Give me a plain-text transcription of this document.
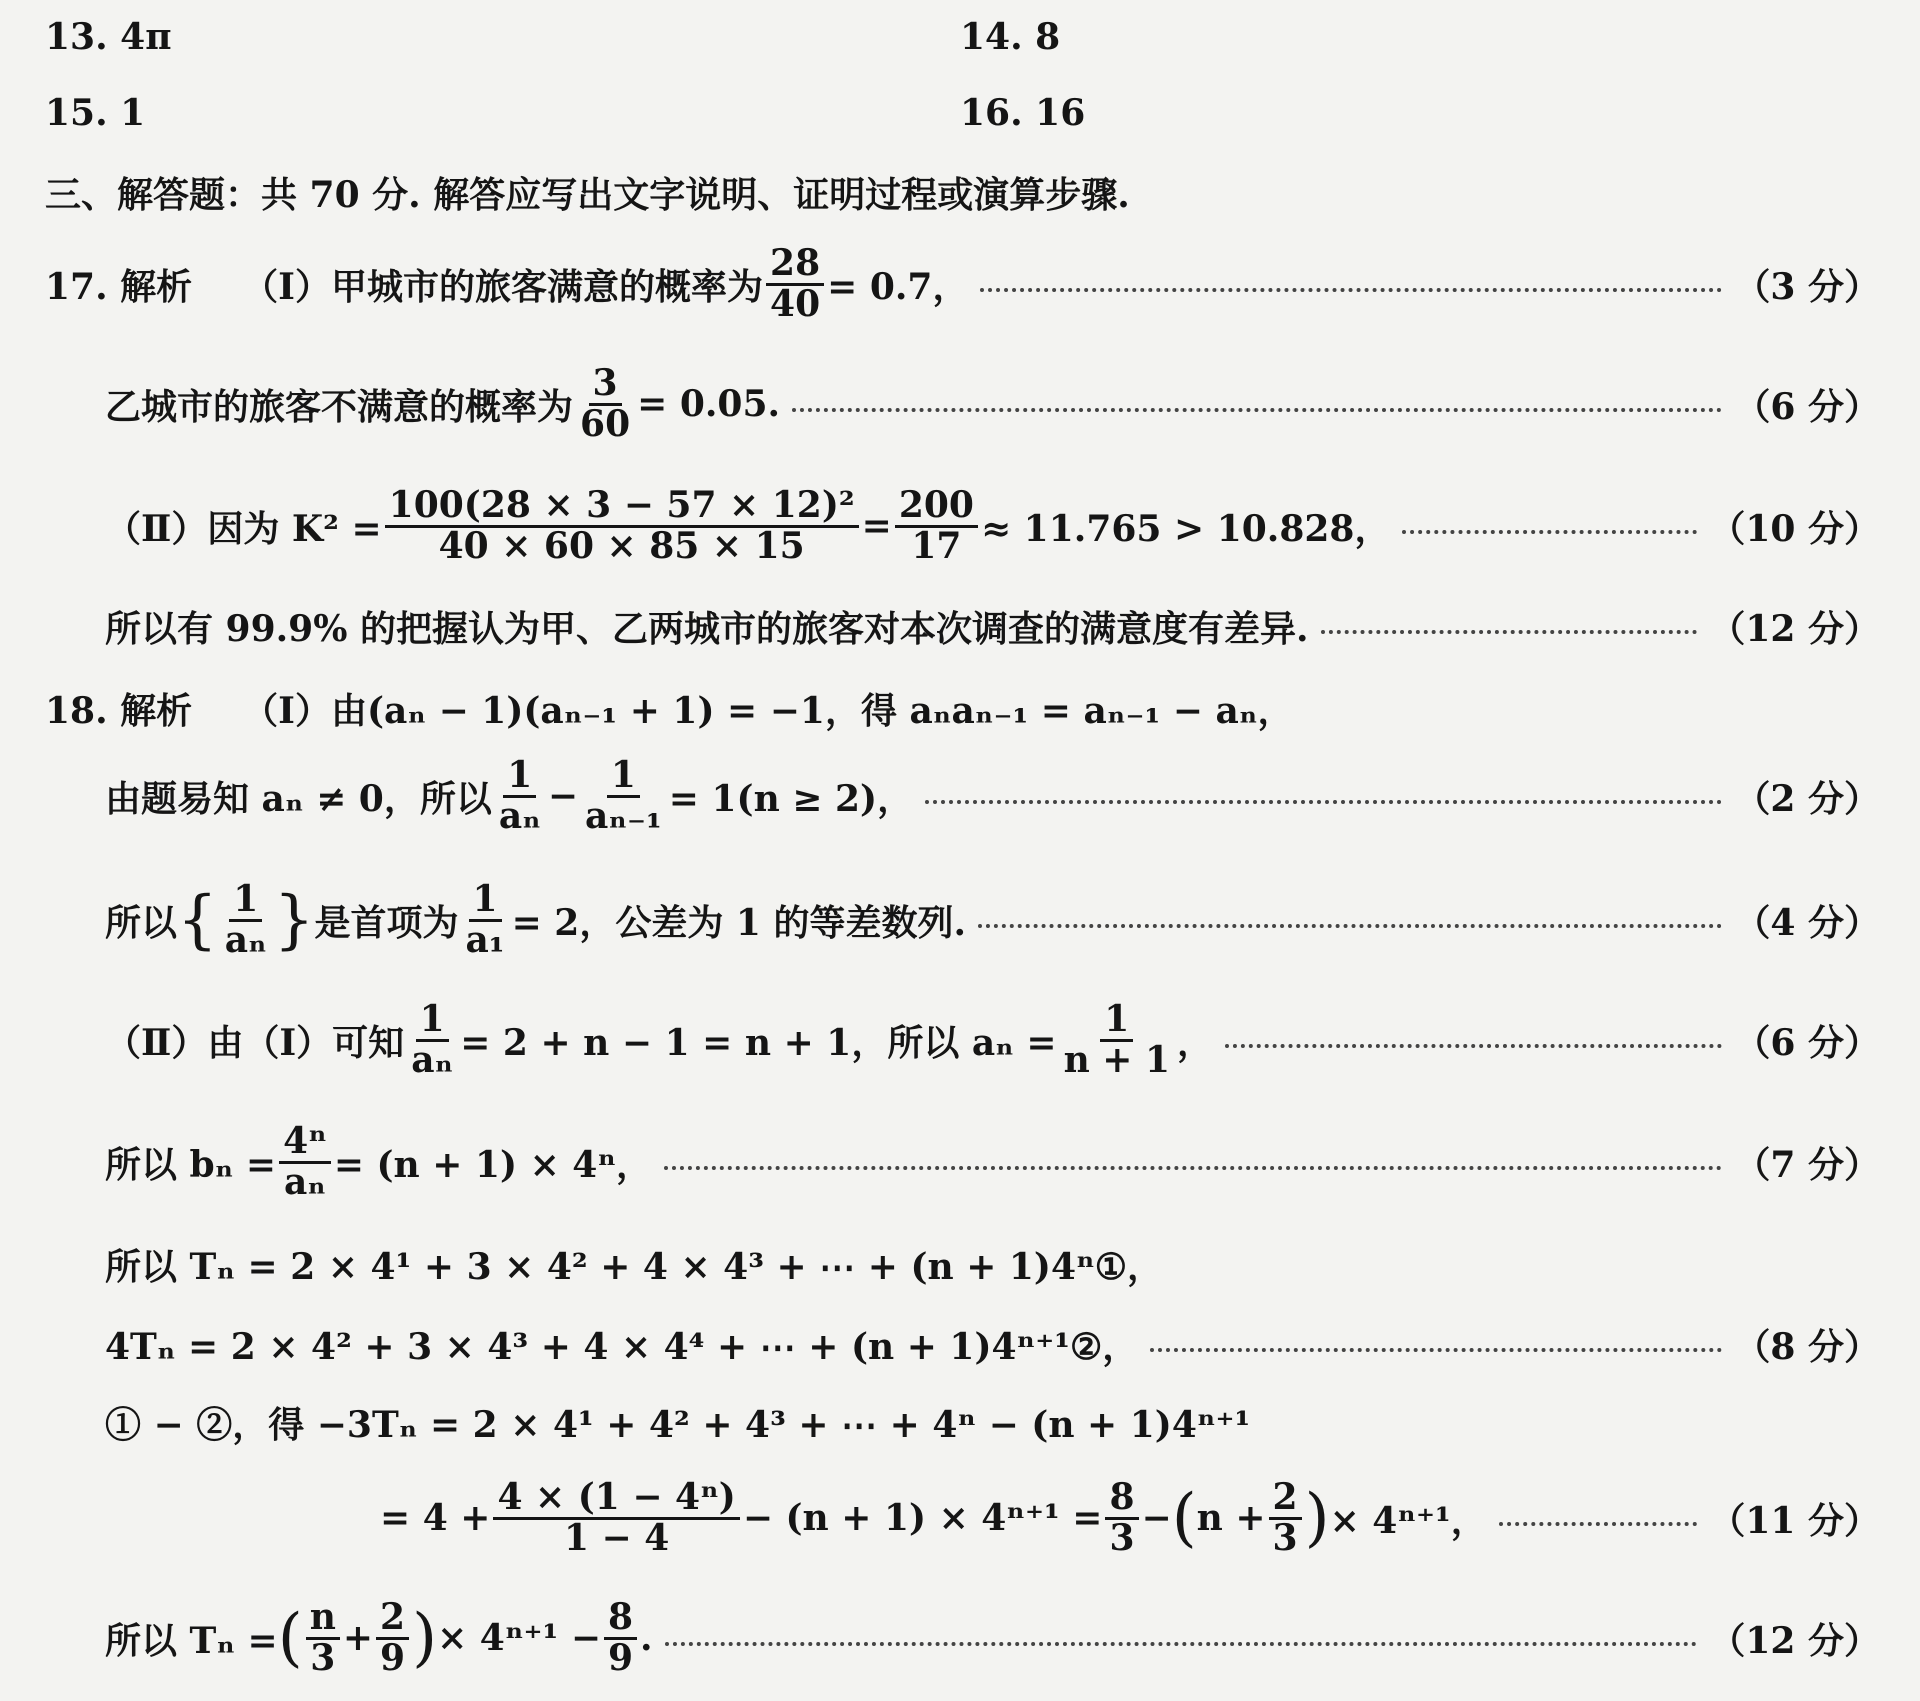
13. 4π	14. 8
15. 1	16. 16
三、解答题：共 70 分. 解答应写出文字说明、证明过程或演算步骤.
17. 解析 （Ⅰ）甲城市的旅客满意的概率为 $\frac{28}{40} = 0.7$，	（3 分）
乙城市的旅客不满意的概率为 $\frac{3}{60} = 0.05$.	（6 分）
（Ⅱ）因为 $K^2 = \frac{\text{100(28 × 3 − 57 × 12)²}}{40 \times 60 \times 85 \times 15} = \frac{200}{17} \approx 11.765 > 10.828$，	（10 分）
所以有 99.9% 的把握认为甲、乙两城市的旅客对本次调查的满意度有差异.	（12 分）
18. 解析 （Ⅰ）由(aₙ − 1)(aₙ₋₁ + 1) = −1，得 aₙaₙ₋₁ = aₙ₋₁ − aₙ，
由题易知 aₙ ≠ 0，所以 $\frac{1}{\text{aₙ}} - \frac{1}{\text{aₙ₋₁}} = 1(n \ge 2)$，	（2 分）
所以 { $\frac{1}{\text{aₙ}}$ } 是首项为 $\frac{1}{\text{a₁}} = 2$，公差为 1 的等差数列.	（4 分）
（Ⅱ）由（Ⅰ）可知 $\frac{1}{\text{aₙ}} = 2 + n - 1 = n + 1$，所以 $a_n = \frac{1}{n + 1}$ ，	（6 分）
所以 $b_n = \frac{\text{4ⁿ}}{\text{aₙ}} = (n + 1) \times 4^n$，	（7 分）
所以 Tₙ = 2 × 4¹ + 3 × 4² + 4 × 4³ + ⋯ + (n + 1)4ⁿ①，
4Tₙ = 2 × 4² + 3 × 4³ + 4 × 4⁴ + ⋯ + (n + 1)4ⁿ⁺¹②，	（8 分）
① − ②，得 −3Tₙ = 2 × 4¹ + 4² + 4³ + ⋯ + 4ⁿ − (n + 1)4ⁿ⁺¹
= $4 + \frac{\text{4 × (1 − 4ⁿ)}}{1 - 4} - (n + 1) \times 4^{n+1} = \frac{8}{3}$ − ( $n + \frac{2}{3}$ ) × 4ⁿ⁺¹，	（11 分）
所以 Tₙ = ( $\frac{n}{3} + \frac{2}{9}$ ) × $4^{n+1} - \frac{8}{9}$ .	（12 分）
